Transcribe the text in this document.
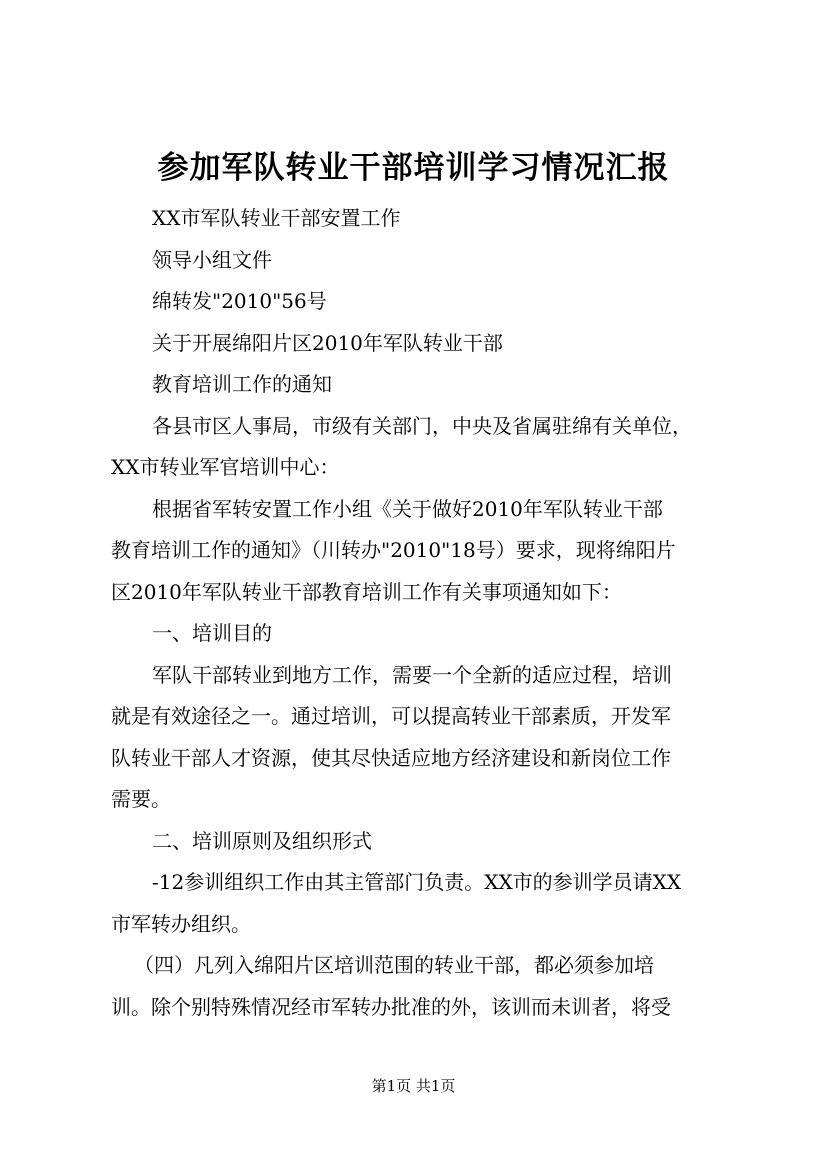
参加军队转业干部培训学习情况汇报
XX市军队转业干部安置工作
领导小组文件
绵转发"2010"56号
关于开展绵阳片区2010年军队转业干部
教育培训工作的通知
各县市区人事局，市级有关部门，中央及省属驻绵有关单位，
XX市转业军官培训中心：
根据省军转安置工作小组《关于做好2010年军队转业干部
教育培训工作的通知》（川转办"2010"18号）要求，现将绵阳片
区2010年军队转业干部教育培训工作有关事项通知如下：
一、培训目的
军队干部转业到地方工作，需要一个全新的适应过程，培训
就是有效途径之一。通过培训，可以提高转业干部素质，开发军
队转业干部人才资源，使其尽快适应地方经济建设和新岗位工作
需要。
二、培训原则及组织形式
-12参训组织工作由其主管部门负责。XX市的参训学员请XX
市军转办组织。
（四）凡列入绵阳片区培训范围的转业干部，都必须参加培
训。除个别特殊情况经市军转办批准的外，该训而未训者，将受
第1页 共1页
